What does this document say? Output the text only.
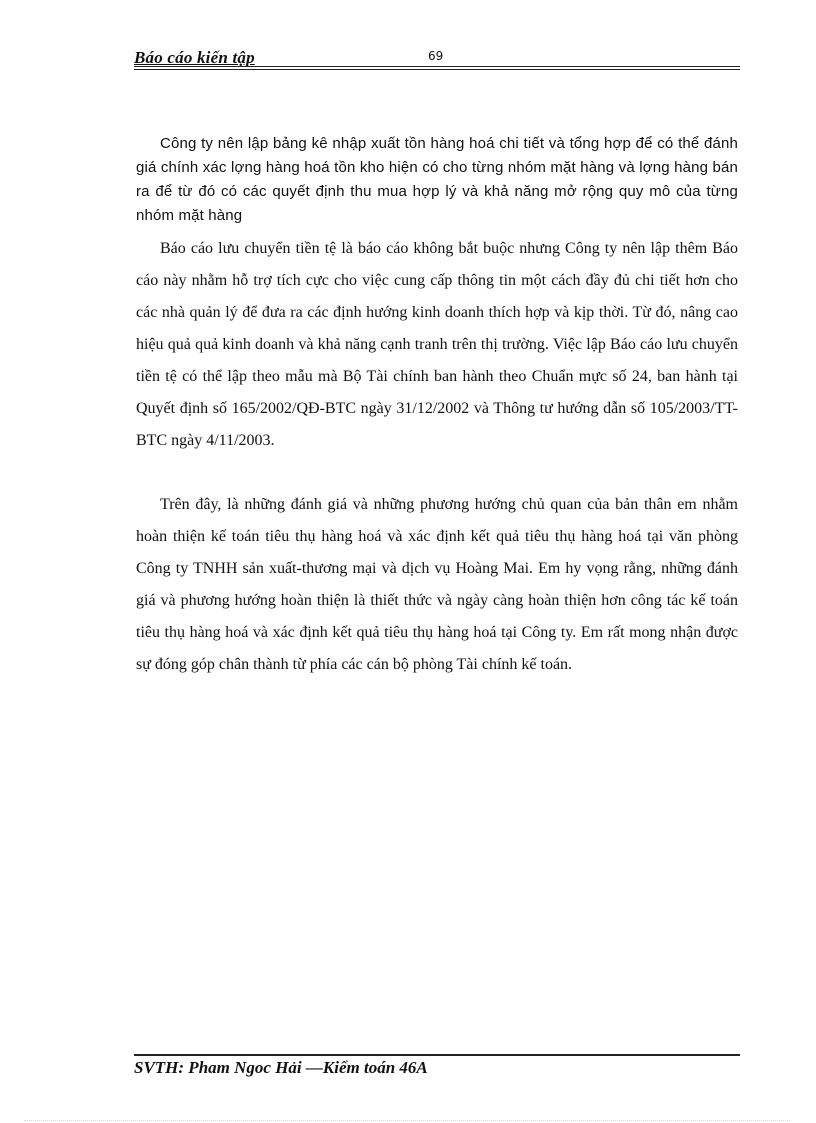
Báo cáo kiến tập	69

Công ty nên lập bảng kê nhập xuất tồn hàng hoá chi tiết và tổng hợp để có thể đánh giá chính xác lợng hàng hoá tồn kho hiện có cho từng nhóm mặt hàng và lợng hàng bán ra để từ đó có các quyết định thu mua hợp lý và khả năng mở rộng quy mô của từng nhóm mặt hàng

Báo cáo lưu chuyển tiền tệ là báo cáo không bắt buộc nhưng Công ty nên lập thêm Báo cáo này nhằm hỗ trợ tích cực cho việc cung cấp thông tin một cách đầy đủ chi tiết hơn cho các nhà quản lý để đưa ra các định hướng kinh doanh thích hợp và kịp thời. Từ đó, nâng cao hiệu quả quả kinh doanh và khả năng cạnh tranh trên thị trường. Việc lập Báo cáo lưu chuyển tiền tệ có thể lập theo mẫu mà Bộ Tài chính ban hành theo Chuẩn mực số 24, ban hành tại Quyết định số 165/2002/QĐ-BTC ngày 31/12/2002 và Thông tư hướng dẫn số 105/2003/TT-BTC ngày 4/11/2003.

Trên đây, là những đánh giá và những phương hướng chủ quan của bản thân em nhằm hoàn thiện kế toán tiêu thụ hàng hoá và xác định kết quả tiêu thụ hàng hoá tại văn phòng Công ty TNHH sản xuất-thương mại và dịch vụ Hoàng Mai. Em hy vọng rằng, những đánh giá và phương hướng hoàn thiện là thiết thức và ngày càng hoàn thiện hơn công tác kế toán tiêu thụ hàng hoá và xác định kết quả tiêu thụ hàng hoá tại Công ty. Em rất mong nhận được sự đóng góp chân thành từ phía các cán bộ phòng Tài chính kế toán.

SVTH: Pham Ngoc Hải —Kiểm toán 46A
